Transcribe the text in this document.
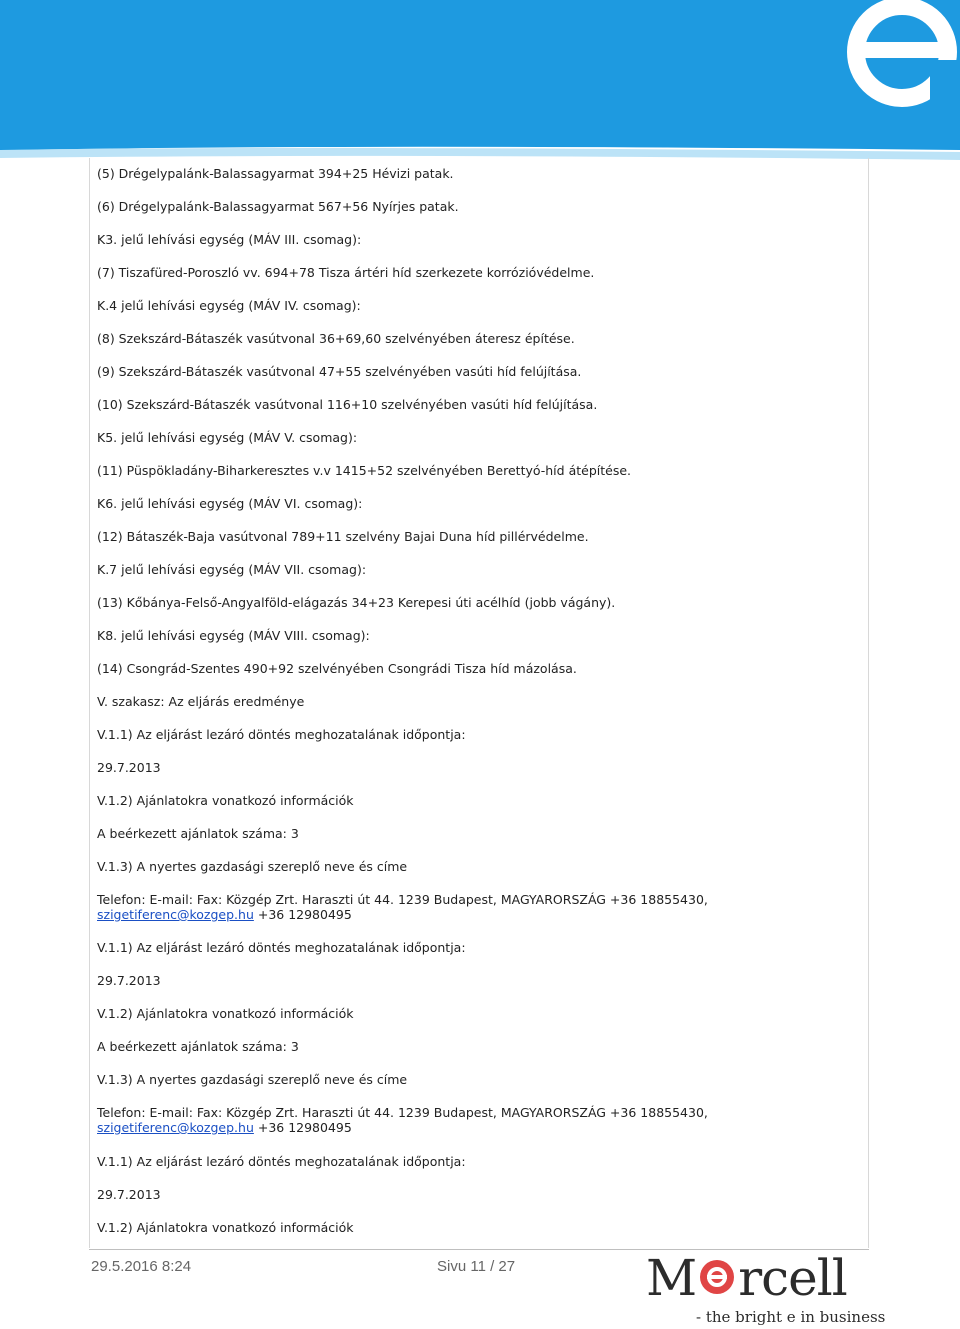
(5) Drégelypalánk-Balassagyarmat 394+25 Hévizi patak.
(6) Drégelypalánk-Balassagyarmat 567+56 Nyírjes patak.
K3. jelű lehívási egység (MÁV III. csomag):
(7) Tiszafüred-Poroszló vv. 694+78 Tisza ártéri híd szerkezete korrózióvédelme.
K.4 jelű lehívási egység (MÁV IV. csomag):
(8) Szekszárd-Bátaszék vasútvonal 36+69,60 szelvényében áteresz építése.
(9) Szekszárd-Bátaszék vasútvonal 47+55 szelvényében vasúti híd felújítása.
(10) Szekszárd-Bátaszék vasútvonal 116+10 szelvényében vasúti híd felújítása.
K5. jelű lehívási egység (MÁV V. csomag):
(11) Püspökladány-Biharkeresztes v.v 1415+52 szelvényében Berettyó-híd átépítése.
K6. jelű lehívási egység (MÁV VI. csomag):
(12) Bátaszék-Baja vasútvonal 789+11 szelvény Bajai Duna híd pillérvédelme.
K.7 jelű lehívási egység (MÁV VII. csomag):
(13) Kőbánya-Felső-Angyalföld-elágazás 34+23 Kerepesi úti acélhíd (jobb vágány).
K8. jelű lehívási egység (MÁV VIII. csomag):
(14) Csongrád-Szentes 490+92 szelvényében Csongrádi Tisza híd mázolása.
V. szakasz: Az eljárás eredménye
V.1.1) Az eljárást lezáró döntés meghozatalának időpontja:
29.7.2013
V.1.2) Ajánlatokra vonatkozó információk
A beérkezett ajánlatok száma: 3
V.1.3) A nyertes gazdasági szereplő neve és címe
Telefon: E-mail: Fax: Közgép Zrt. Haraszti út 44. 1239 Budapest, MAGYARORSZÁG +36 18855430, szigetiferenc@kozgep.hu +36 12980495
V.1.1) Az eljárást lezáró döntés meghozatalának időpontja:
29.7.2013
V.1.2) Ajánlatokra vonatkozó információk
A beérkezett ajánlatok száma: 3
V.1.3) A nyertes gazdasági szereplő neve és címe
Telefon: E-mail: Fax: Közgép Zrt. Haraszti út 44. 1239 Budapest, MAGYARORSZÁG +36 18855430, szigetiferenc@kozgep.hu +36 12980495
V.1.1) Az eljárást lezáró döntés meghozatalának időpontja:
29.7.2013
V.1.2) Ajánlatokra vonatkozó információk
29.5.2016 8:24	Sivu 11 / 27	M rcell
- the bright e in business
